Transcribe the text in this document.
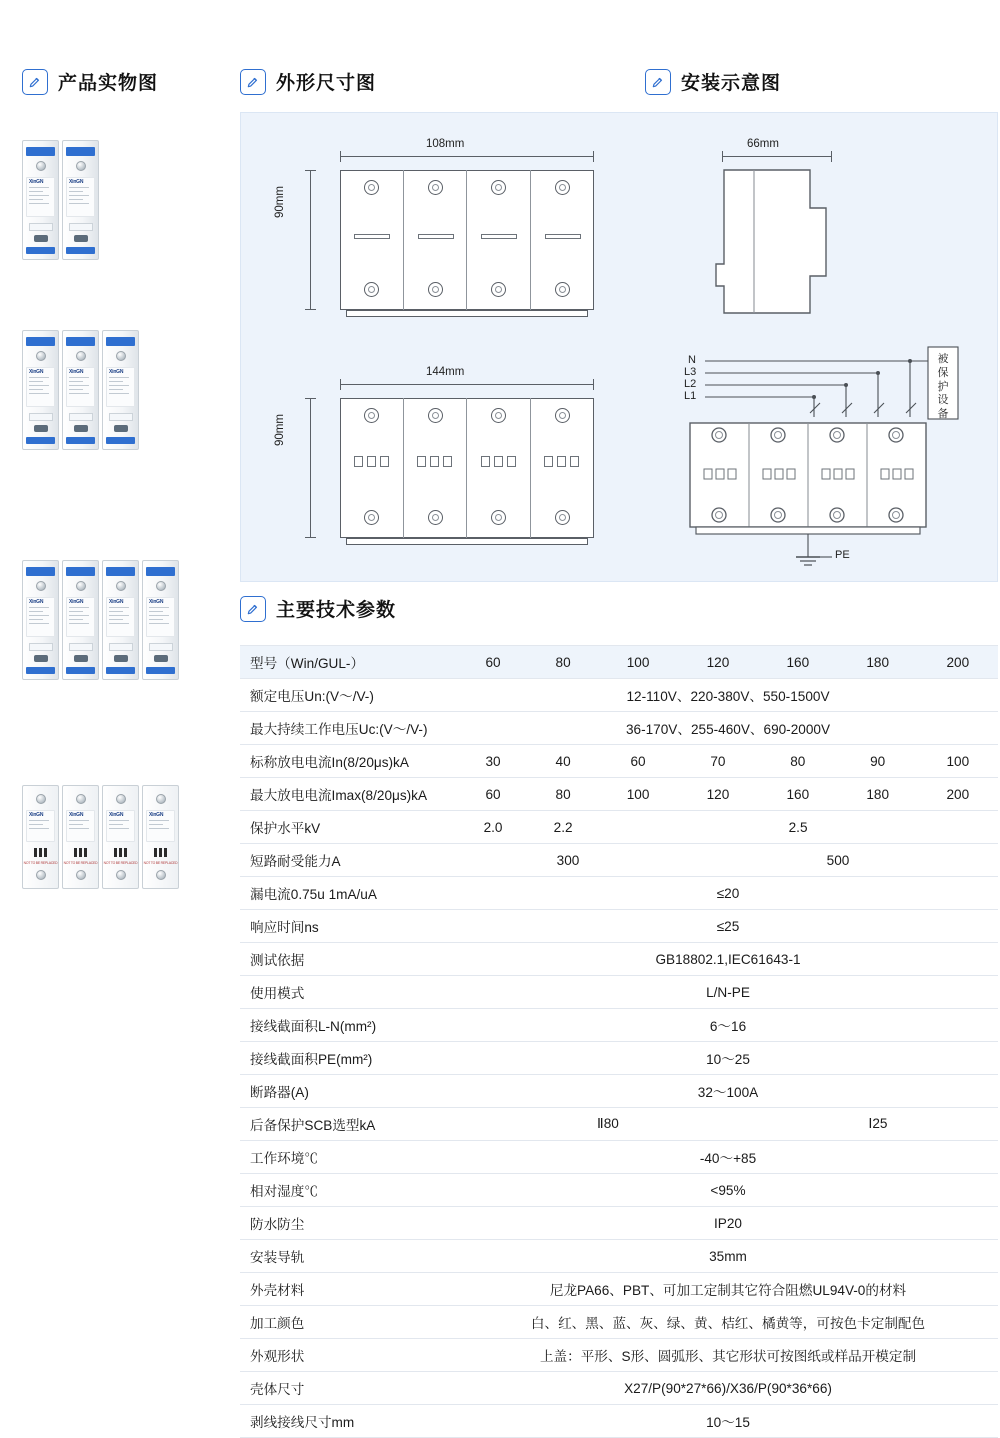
产品实物图	外形尺寸图	安装示意图
主要技术参数
XinGN	XinGN
XinGN	XinGN	XinGN
XinGN	XinGN	XinGN	XinGN
XinGN
NOT TO BE REPLACED
XinGN
NOT TO BE REPLACED
XinGN
NOT TO BE REPLACED
XinGN
NOT TO BE REPLACED
108mm
90mm
66mm
144mm
90mm
N
L3
L2
L1
PE
被保护设备
型号（Win/GUL-）	60	80	100	120	160	180	200
额定电压Un:(V～/V-)	12-110V、220-380V、550-1500V						
最大持续工作电压Uc:(V～/V-)	36-170V、255-460V、690-2000V						
标称放电电流In(8/20μs)kA	30	40	60	70	80	90	100
最大放电电流Imax(8/20μs)kA	60	80	100	120	160	180	200
保护水平kV	2.0	2.2	2.5				
短路耐受能力A	300			500			
漏电流0.75u 1mA/uA	≤20						
响应时间ns	≤25						
测试依据	GB18802.1,IEC61643-1						
使用模式	L/N-PE						
接线截面积L-N(mm²)	6～16						
接线截面积PE(mm²)	10～25						
断路器(A)	32～100A						
后备保护SCB选型kA	Ⅱ80				Ⅰ25		
工作环境℃	-40～+85						
相对湿度℃	<95%						
防水防尘	IP20						
安装导轨	35mm						
外壳材料	尼龙PA66、PBT、可加工定制其它符合阻燃UL94V-0的材料						
加工颜色	白、红、黑、蓝、灰、绿、黄、桔红、橘黄等，可按色卡定制配色						
外观形状	上盖：平形、S形、圆弧形、其它形状可按图纸或样品开模定制						
壳体尺寸	X27/P(90*27*66)/X36/P(90*36*66)						
剥线接线尺寸mm	10～15						
